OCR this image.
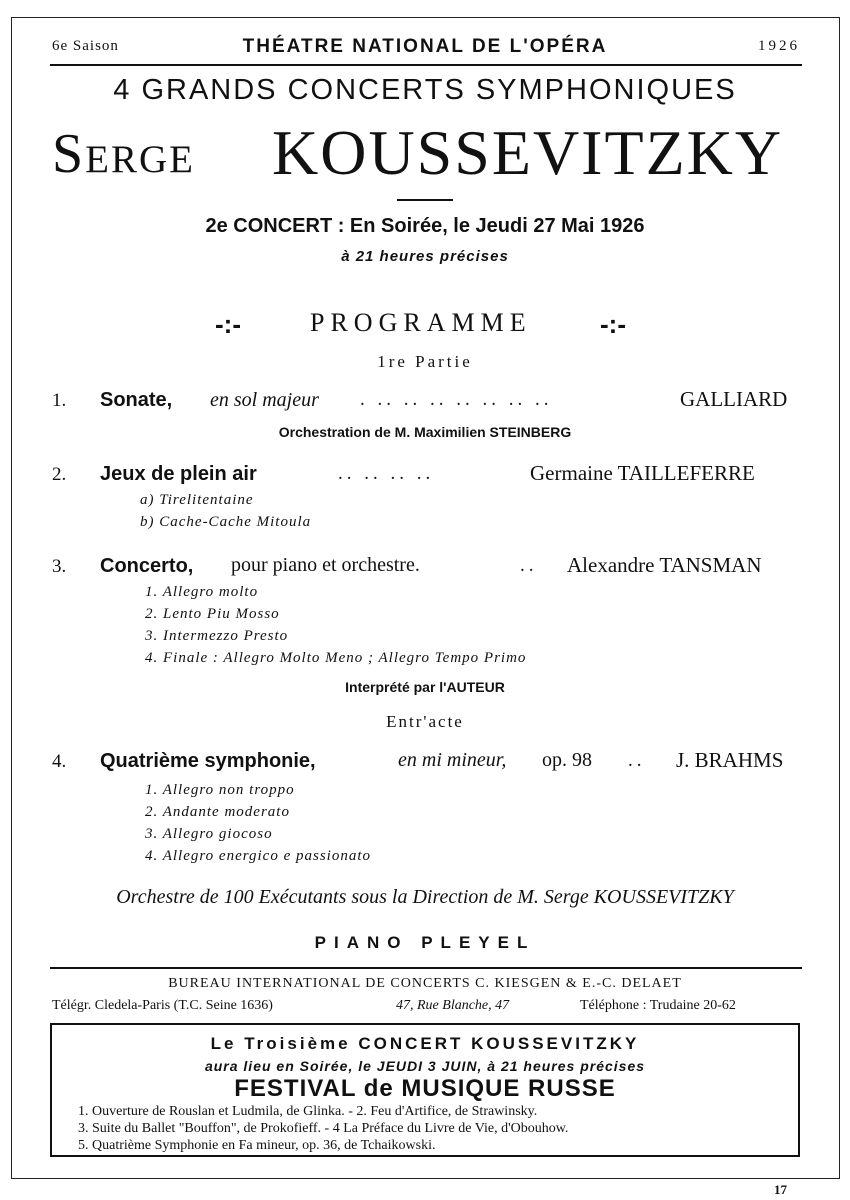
6e Saison	THÉATRE NATIONAL DE L'OPÉRA	1926
4 GRANDS CONCERTS SYMPHONIQUES
Serge KOUSSEVITZKY
2e CONCERT : En Soirée, le Jeudi 27 Mai 1926
à 21 heures précises
-:-	PROGRAMME	-:-
1re Partie
1. Sonate, en sol majeur . .. .. .. .. .. .. ..	GALLIARD
Orchestration de M. Maximilien STEINBERG
2. Jeux de plein air	.. .. .. ..	Germaine TAILLEFERRE
a) Tirelitentaine
b) Cache-Cache Mitoula
3. Concerto, pour piano et orchestre.	.. Alexandre TANSMAN
1. Allegro molto
2. Lento Piu Mosso
3. Intermezzo Presto
4. Finale : Allegro Molto Meno ; Allegro Tempo Primo
Interprété par l'AUTEUR
Entr'acte
4. Quatrième symphonie,	en mi mineur, op. 98 .. J. BRAHMS
1. Allegro non troppo
2. Andante moderato
3. Allegro giocoso
4. Allegro energico e passionato
Orchestre de 100 Exécutants sous la Direction de M. Serge KOUSSEVITZKY
PIANO PLEYEL
BUREAU INTERNATIONAL DE CONCERTS C. KIESGEN & E.-C. DELAET
Télégr. Cledela-Paris (T.C. Seine 1636)	47, Rue Blanche, 47	Téléphone : Trudaine 20-62
Le Troisième CONCERT KOUSSEVITZKY
aura lieu en Soirée, le JEUDI 3 JUIN, à 21 heures précises
FESTIVAL de MUSIQUE RUSSE
1. Ouverture de Rouslan et Ludmila, de Glinka. - 2. Feu d'Artifice, de Strawinsky.
3. Suite du Ballet "Bouffon", de Prokofieff. - 4 La Préface du Livre de Vie, d'Obouhow.
5. Quatrième Symphonie en Fa mineur, op. 36, de Tchaikowski.
17
